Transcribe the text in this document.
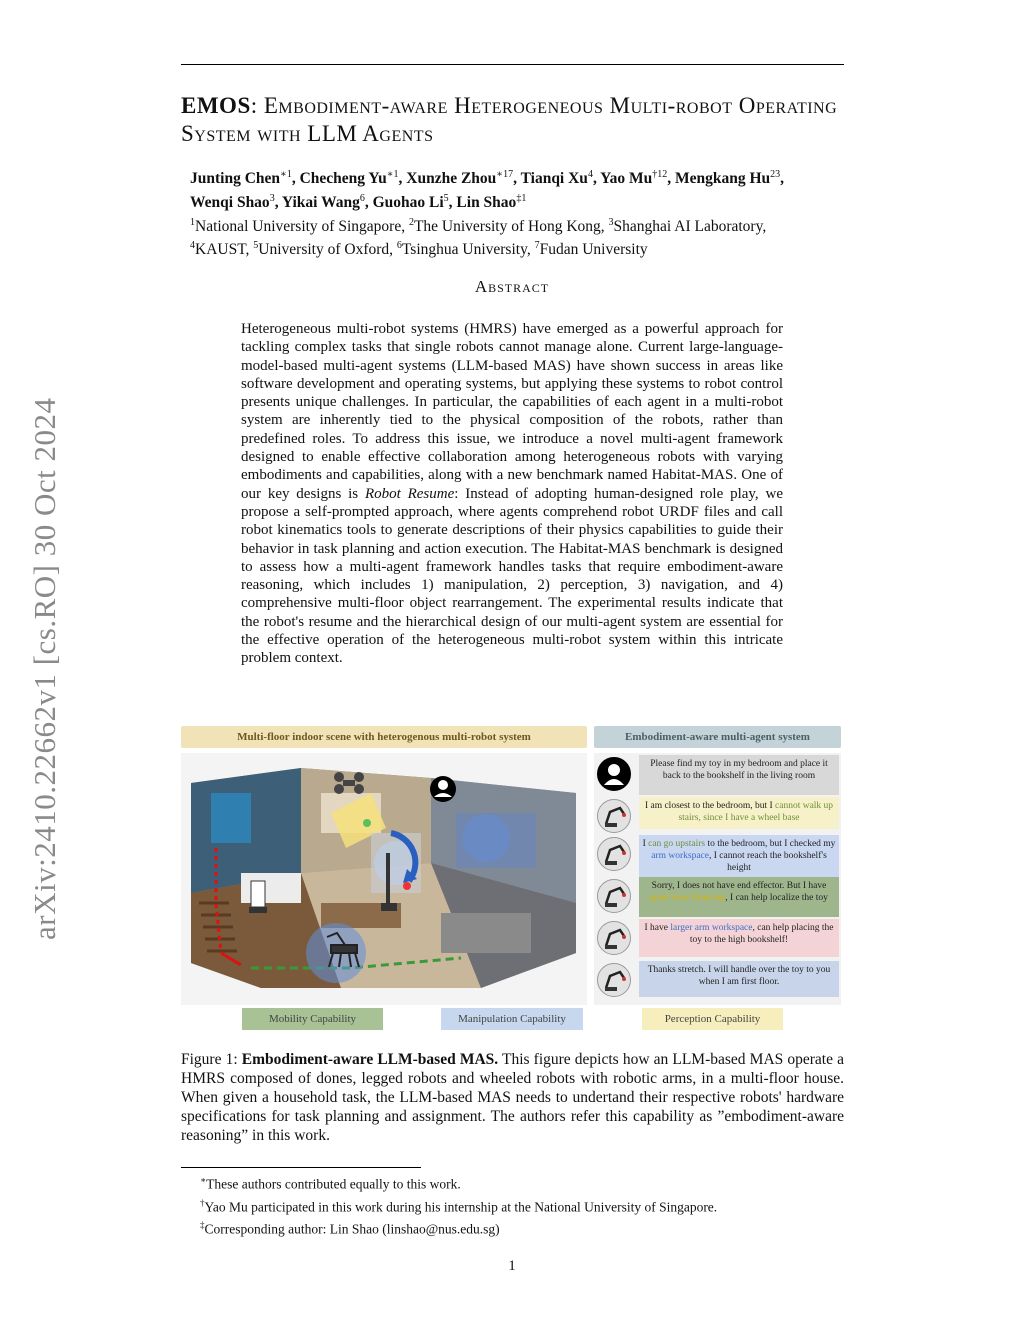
arXiv:2410.22662v1 [cs.RO] 30 Oct 2024
EMOS: Embodiment-aware Heterogeneous Multi-robot Operating System with LLM Agents
Junting Chen$^{∗1}$, Checheng $Yu^{∗1}$, Xunzhe Zhou$^{∗17}$, Tianqi Xu$^4$, Yao Mu$^{\dagger 12}$, Mengkang Hu$^{23}$,
Wenqi Shao$^3$, Yikai Wang$^6$, Guohao Li$^5$, Lin Shao$^{\ddagger 1}$
$^1$National University of Singapore, $^2$The University of Hong Kong, $^3$Shanghai AI Laboratory,
$^4$KAUST, $^5$University of Oxford, $^6$Tsinghua University, $^7$Fudan University
Abstract
Heterogeneous multi-robot systems (HMRS) have emerged as a powerful approach for tackling complex tasks that single robots cannot manage alone. Current large-language-model-based multi-agent systems (LLM-based MAS) have shown success in areas like software development and operating systems, but applying these systems to robot control presents unique challenges. In particular, the capabilities of each agent in a multi-robot system are inherently tied to the physical composition of the robots, rather than predefined roles. To address this issue, we introduce a novel multi-agent framework designed to enable effective collaboration among heterogeneous robots with varying embodiments and capabilities, along with a new benchmark named Habitat-MAS. One of our key designs is Robot Resume: Instead of adopting human-designed role play, we propose a self-prompted approach, where agents comprehend robot URDF files and call robot kinematics tools to generate descriptions of their physics capabilities to guide their behavior in task planning and action execution. The Habitat-MAS benchmark is designed to assess how a multi-agent framework handles tasks that require embodiment-aware reasoning, which includes 1) manipulation, 2) perception, 3) navigation, and 4) comprehensive multi-floor object rearrangement. The experimental results indicate that the robot's resume and the hierarchical design of our multi-agent system are essential for the effective operation of the heterogeneous multi-robot system within this intricate problem context.
Multi-floor indoor scene with heterogenous multi-robot system	Embodiment-aware multi-agent system
Please find my toy in my bedroom and place it back to the bookshelf in the living room
I am closest to the bedroom, but I cannot walk up stairs, since I have a wheel base
I can go upstairs to the bedroom, but I checked my arm workspace, I cannot reach the bookshelf's height
Sorry, I does not have end effector. But I have good view from top, I can help localize the toy
I have larger arm workspace, can help placing the toy to the high bookshelf!
Thanks stretch. I will handle over the toy to you when I am first floor.
Mobility Capability	Manipulation Capability	Perception Capability
Figure 1: Embodiment-aware LLM-based MAS. This figure depicts how an LLM-based MAS operate a HMRS composed of dones, legged robots and wheeled robots with robotic arms, in a multi-floor house. When given a household task, the LLM-based MAS needs to undertand their respective robots' hardware specifications for task planning and assignment. The authors refer this capability as ”embodiment-aware reasoning” in this work.
∗These authors contributed equally to this work.
†Yao Mu participated in this work during his internship at the National University of Singapore.
‡Corresponding author: Lin Shao (linshao@nus.edu.sg)
1
